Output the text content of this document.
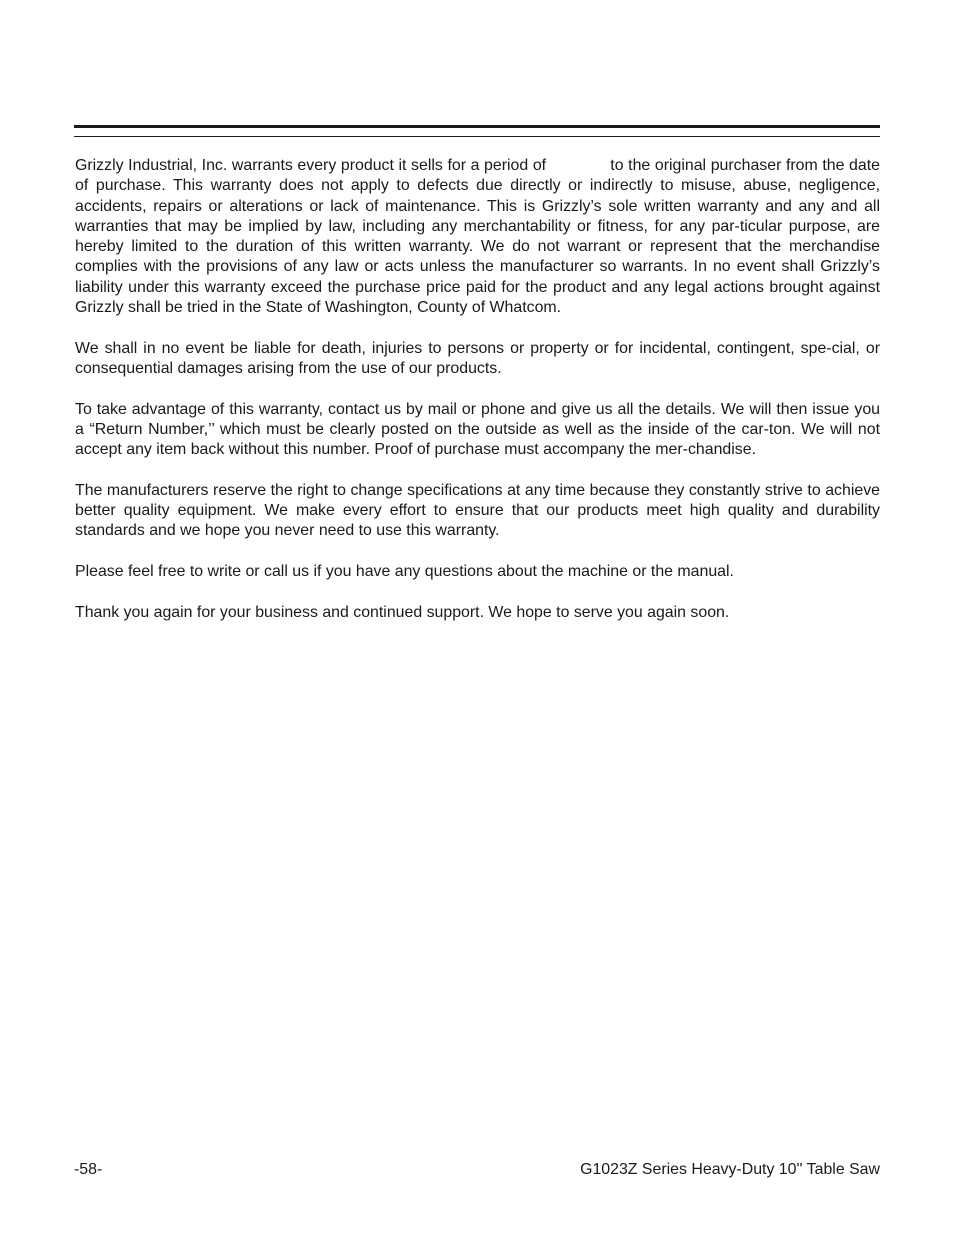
Grizzly Industrial, Inc. warrants every product it sells for a period of	to the original purchaser from the date of purchase. This warranty does not apply to defects due directly or indirectly to misuse, abuse, negligence, accidents, repairs or alterations or lack of maintenance. This is Grizzly’s sole written warranty and any and all warranties that may be implied by law, including any merchantability or fitness, for any par-ticular purpose, are hereby limited to the duration of this written warranty. We do not warrant or represent that the merchandise complies with the provisions of any law or acts unless the manufacturer so warrants. In no event shall Grizzly’s liability under this warranty exceed the purchase price paid for the product and any legal actions brought against Grizzly shall be tried in the State of Washington, County of Whatcom.

We shall in no event be liable for death, injuries to persons or property or for incidental, contingent, spe-cial, or consequential damages arising from the use of our products.

To take advantage of this warranty, contact us by mail or phone and give us all the details. We will then issue you a “Return Number,’’ which must be clearly posted on the outside as well as the inside of the car-ton. We will not accept any item back without this number. Proof of purchase must accompany the mer-chandise.

The manufacturers reserve the right to change specifications at any time because they constantly strive to achieve better quality equipment. We make every effort to ensure that our products meet high quality and durability standards and we hope you never need to use this warranty.

Please feel free to write or call us if you have any questions about the machine or the manual.

Thank you again for your business and continued support. We hope to serve you again soon.

-58-	G1023Z Series Heavy-Duty 10'' Table Saw
